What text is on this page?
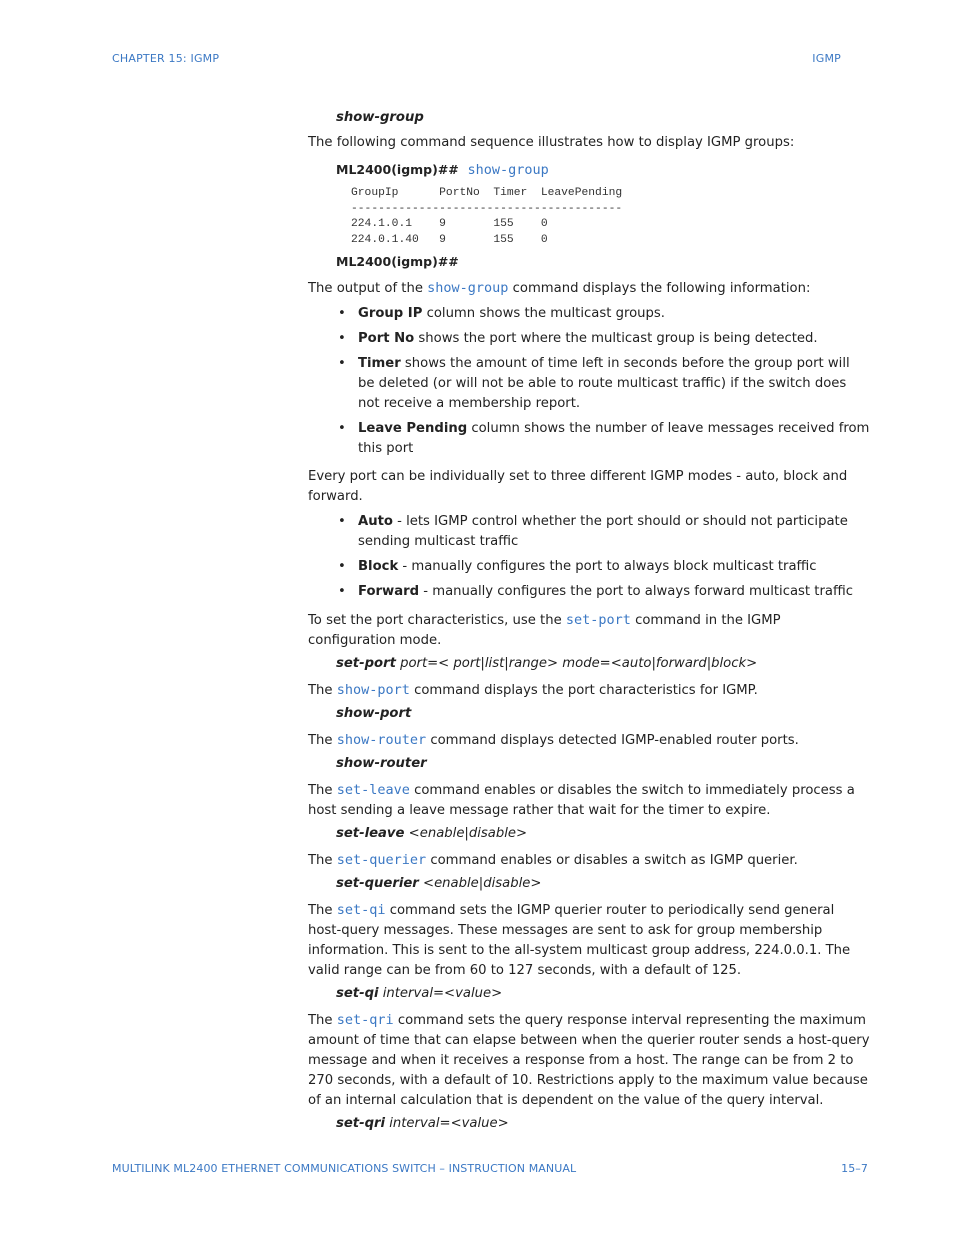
CHAPTER 15: IGMP	IGMP
show-group

The following command sequence illustrates how to display IGMP groups:

ML2400(igmp)## show-group
GroupIp      PortNo  Timer  LeavePending
----------------------------------------
224.1.0.1    9       155    0
224.0.1.40   9       155    0
ML2400(igmp)##

The output of the show-group command displays the following information:

• Group IP column shows the multicast groups.
• Port No shows the port where the multicast group is being detected.
• Timer shows the amount of time left in seconds before the group port will be deleted (or will not be able to route multicast traffic) if the switch does not receive a membership report.
• Leave Pending column shows the number of leave messages received from this port

Every port can be individually set to three different IGMP modes - auto, block and forward.

• Auto - lets IGMP control whether the port should or should not participate sending multicast traffic
• Block - manually configures the port to always block multicast traffic
• Forward - manually configures the port to always forward multicast traffic

To set the port characteristics, use the set-port command in the IGMP configuration mode.

set-port port=< port|list|range> mode=<auto|forward|block>

The show-port command displays the port characteristics for IGMP.

show-port

The show-router command displays detected IGMP-enabled router ports.

show-router

The set-leave command enables or disables the switch to immediately process a host sending a leave message rather that wait for the timer to expire.

set-leave <enable|disable>

The set-querier command enables or disables a switch as IGMP querier.

set-querier <enable|disable>

The set-qi command sets the IGMP querier router to periodically send general host-query messages. These messages are sent to ask for group membership information. This is sent to the all-system multicast group address, 224.0.0.1. The valid range can be from 60 to 127 seconds, with a default of 125.

set-qi interval=<value>

The set-qri command sets the query response interval representing the maximum amount of time that can elapse between when the querier router sends a host-query message and when it receives a response from a host. The range can be from 2 to 270 seconds, with a default of 10. Restrictions apply to the maximum value because of an internal calculation that is dependent on the value of the query interval.

set-qri interval=<value>
MULTILINK ML2400 ETHERNET COMMUNICATIONS SWITCH – INSTRUCTION MANUAL	15–7
